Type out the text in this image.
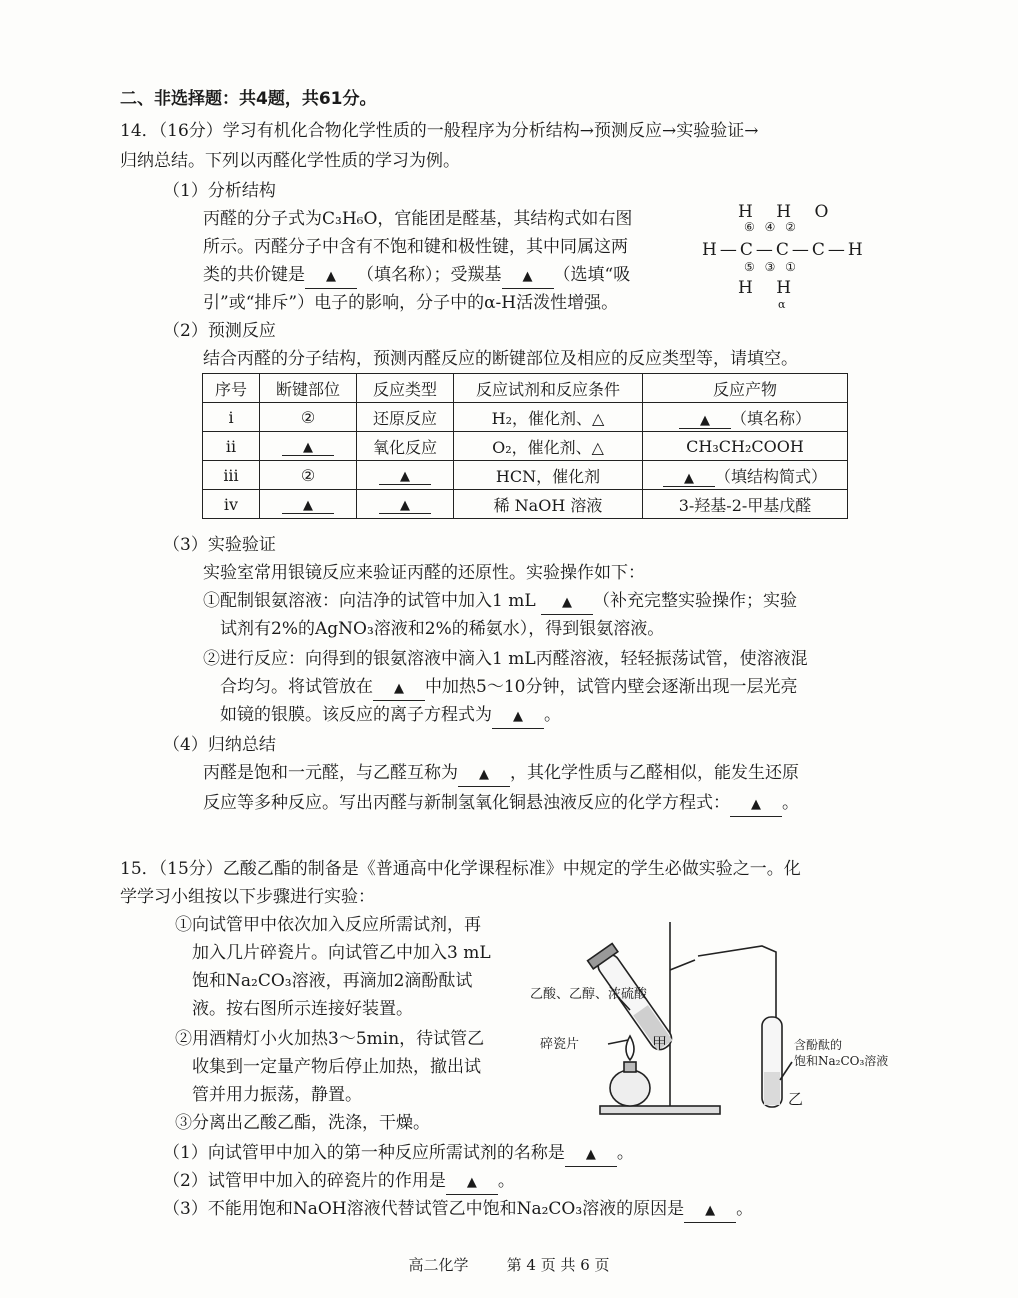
二、非选择题：共4题，共61分。
14．（16分）学习有机化合物化学性质的一般程序为分析结构→预测反应→实验验证→
归纳总结。下列以丙醛化学性质的学习为例。
（1）分析结构
丙醛的分子式为C₃H₆O，官能团是醛基，其结构式如右图
所示。丙醛分子中含有不饱和键和极性键，其中同属这两
类的共价键是 ▲	（填名称）；受羰基 ▲	（选填“吸
引”或“排斥”）电子的影响，分子中的α-H活泼性增强。
H H O
⑥ ④ ②
H—C—C—C—H
⑤ ③ ①
H H
α
（2）预测反应
结合丙醛的分子结构，预测丙醛反应的断键部位及相应的反应类型等，请填空。
序号	断键部位	反应类型	反应试剂和反应条件	反应产物
i	②	还原反应	H₂，催化剂、△	▲（填名称）
ii	▲	氧化反应	O₂，催化剂、△	CH₃CH₂COOH
iii	②	▲	HCN，催化剂	▲（填结构简式）
iv	▲	▲	稀 NaOH 溶液	3-羟基-2-甲基戊醛
（3）实验验证
实验室常用银镜反应来验证丙醛的还原性。实验操作如下：
①配制银氨溶液：向洁净的试管中加入1 mL ▲	（补充完整实验操作；实验
试剂有2%的AgNO₃溶液和2%的稀氨水），得到银氨溶液。
②进行反应：向得到的银氨溶液中滴入1 mL丙醛溶液，轻轻振荡试管，使溶液混
合均匀。将试管放在 ▲	中加热5～10分钟，试管内壁会逐渐出现一层光亮
如镜的银膜。该反应的离子方程式为 ▲	。
（4）归纳总结
丙醛是饱和一元醛，与乙醛互称为 ▲	，其化学性质与乙醛相似，能发生还原
反应等多种反应。写出丙醛与新制氢氧化铜悬浊液反应的化学方程式： ▲	。
15．（15分）乙酸乙酯的制备是《普通高中化学课程标准》中规定的学生必做实验之一。化
学学习小组按以下步骤进行实验：
①向试管甲中依次加入反应所需试剂，再
加入几片碎瓷片。向试管乙中加入3 mL
饱和Na₂CO₃溶液，再滴加2滴酚酞试
液。按右图所示连接好装置。
②用酒精灯小火加热3～5min，待试管乙
收集到一定量产物后停止加热，撤出试
管并用力振荡，静置。
③分离出乙酸乙酯，洗涤，干燥。
乙酸、乙醇、浓硫酸
碎瓷片	甲	含酚酞的
饱和Na₂CO₃溶液
乙
（1）向试管甲中加入的第一种反应所需试剂的名称是 ▲	。
（2）试管甲中加入的碎瓷片的作用是 ▲	。
（3）不能用饱和NaOH溶液代替试管乙中饱和Na₂CO₃溶液的原因是 ▲	。
高二化学	第 4 页 共 6 页
